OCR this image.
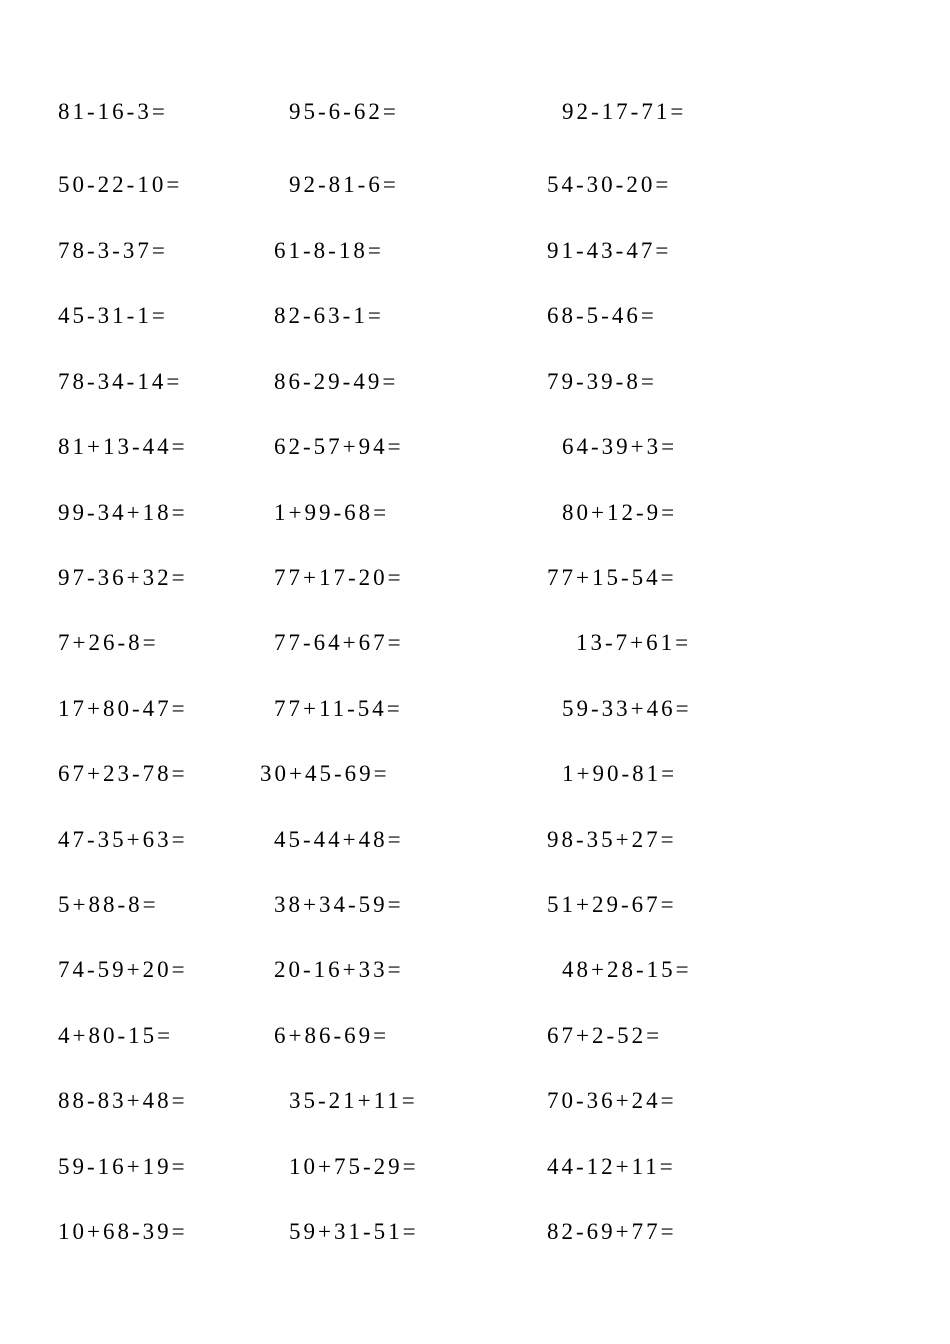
81-16-3=	95-6-62=	92-17-71=
50-22-10=	92-81-6=	54-30-20=
78-3-37=	61-8-18=	91-43-47=
45-31-1=	82-63-1=	68-5-46=
78-34-14=	86-29-49=	79-39-8=
81+13-44=	62-57+94=	64-39+3=
99-34+18=	1+99-68=	80+12-9=
97-36+32=	77+17-20=	77+15-54=
7+26-8=	77-64+67=	13-7+61=
17+80-47=	77+11-54=	59-33+46=
67+23-78=	30+45-69=	1+90-81=
47-35+63=	45-44+48=	98-35+27=
5+88-8=	38+34-59=	51+29-67=
74-59+20=	20-16+33=	48+28-15=
4+80-15=	6+86-69=	67+2-52=
88-83+48=	35-21+11=	70-36+24=
59-16+19=	10+75-29=	44-12+11=
10+68-39=	59+31-51=	82-69+77=
